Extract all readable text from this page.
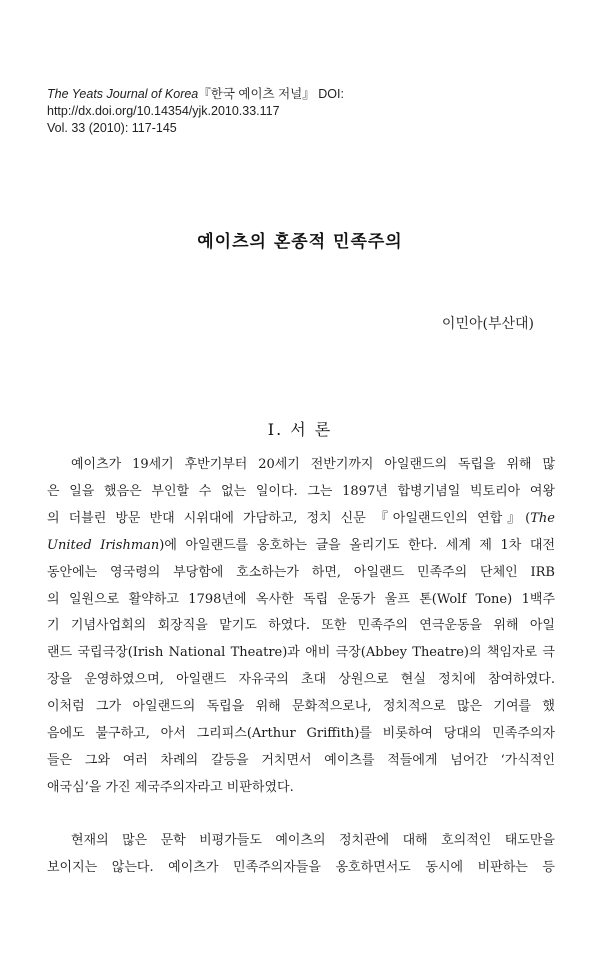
The Yeats Journal of Korea『한국 예이츠 저널』 DOI: http://dx.doi.org/10.14354/yjk.2010.33.117
Vol. 33 (2010): 117-145
예이츠의 혼종적 민족주의
이민아(부산대)
I. 서 론
예이츠가 19세기 후반기부터 20세기 전반기까지 아일랜드의 독립을 위해 많
은 일을 했음은 부인할 수 없는 일이다. 그는 1897년 합병기념일 빅토리아 여왕
의 더블린 방문 반대 시위대에 가담하고, 정치 신문 『아일랜드인의 연합』(The
United Irishman)에 아일랜드를 옹호하는 글을 올리기도 한다. 세계 제 1차 대전
동안에는 영국령의 부당함에 호소하는가 하면, 아일랜드 민족주의 단체인 IRB
의 일원으로 활약하고 1798년에 옥사한 독립 운동가 울프 톤(Wolf Tone) 1백주
기 기념사업회의 회장직을 맡기도 하였다. 또한 민족주의 연극운동을 위해 아일
랜드 국립극장(Irish National Theatre)과 애비 극장(Abbey Theatre)의 책임자로 극
장을 운영하였으며, 아일랜드 자유국의 초대 상원으로 현실 정치에 참여하였다.
이처럼 그가 아일랜드의 독립을 위해 문화적으로나, 정치적으로 많은 기여를 했
음에도 불구하고, 아서 그리피스(Arthur Griffith)를 비롯하여 당대의 민족주의자
들은 그와 여러 차례의 갈등을 거치면서 예이츠를 적들에게 넘어간 ‘가식적인
애국심’을 가진 제국주의자라고 비판하였다.
현재의 많은 문학 비평가들도 예이츠의 정치관에 대해 호의적인 태도만을
보이지는 않는다. 예이츠가 민족주의자들을 옹호하면서도 동시에 비판하는 등
